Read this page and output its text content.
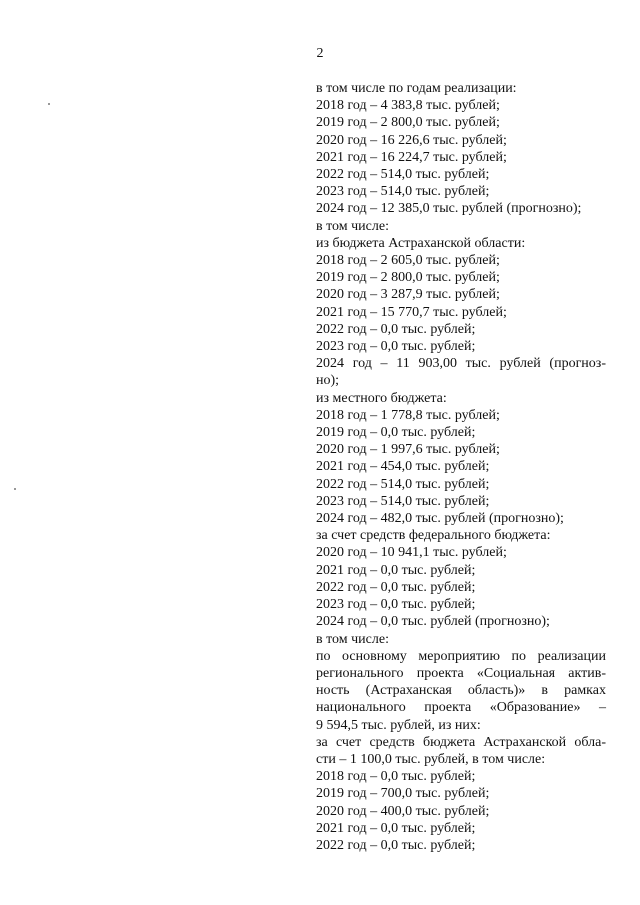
2
в том числе по годам реализации:
2018 год – 4 383,8 тыс. рублей;
2019 год – 2 800,0 тыс. рублей;
2020 год – 16 226,6 тыс. рублей;
2021 год – 16 224,7 тыс. рублей;
2022 год – 514,0 тыс. рублей;
2023 год – 514,0 тыс. рублей;
2024 год – 12 385,0 тыс. рублей (прогнозно);
в том числе:
из бюджета Астраханской области:
2018 год – 2 605,0 тыс. рублей;
2019 год – 2 800,0 тыс. рублей;
2020 год – 3 287,9 тыс. рублей;
2021 год – 15 770,7 тыс. рублей;
2022 год – 0,0 тыс. рублей;
2023 год – 0,0 тыс. рублей;
2024 год – 11 903,00 тыс. рублей (прогноз-
но);
из местного бюджета:
2018 год – 1 778,8 тыс. рублей;
2019 год – 0,0 тыс. рублей;
2020 год – 1 997,6 тыс. рублей;
2021 год – 454,0 тыс. рублей;
2022 год – 514,0 тыс. рублей;
2023 год – 514,0 тыс. рублей;
2024 год – 482,0 тыс. рублей (прогнозно);
за счет средств федерального бюджета:
2020 год – 10 941,1 тыс. рублей;
2021 год – 0,0 тыс. рублей;
2022 год – 0,0 тыс. рублей;
2023 год – 0,0 тыс. рублей;
2024 год – 0,0 тыс. рублей (прогнозно);
в том числе:
по основному мероприятию по реализации
регионального проекта «Социальная актив-
ность (Астраханская область)» в рамках
национального проекта «Образование» –
9 594,5 тыс. рублей, из них:
за счет средств бюджета Астраханской обла-
сти – 1 100,0 тыс. рублей, в том числе:
2018 год – 0,0 тыс. рублей;
2019 год – 700,0 тыс. рублей;
2020 год – 400,0 тыс. рублей;
2021 год – 0,0 тыс. рублей;
2022 год – 0,0 тыс. рублей;
